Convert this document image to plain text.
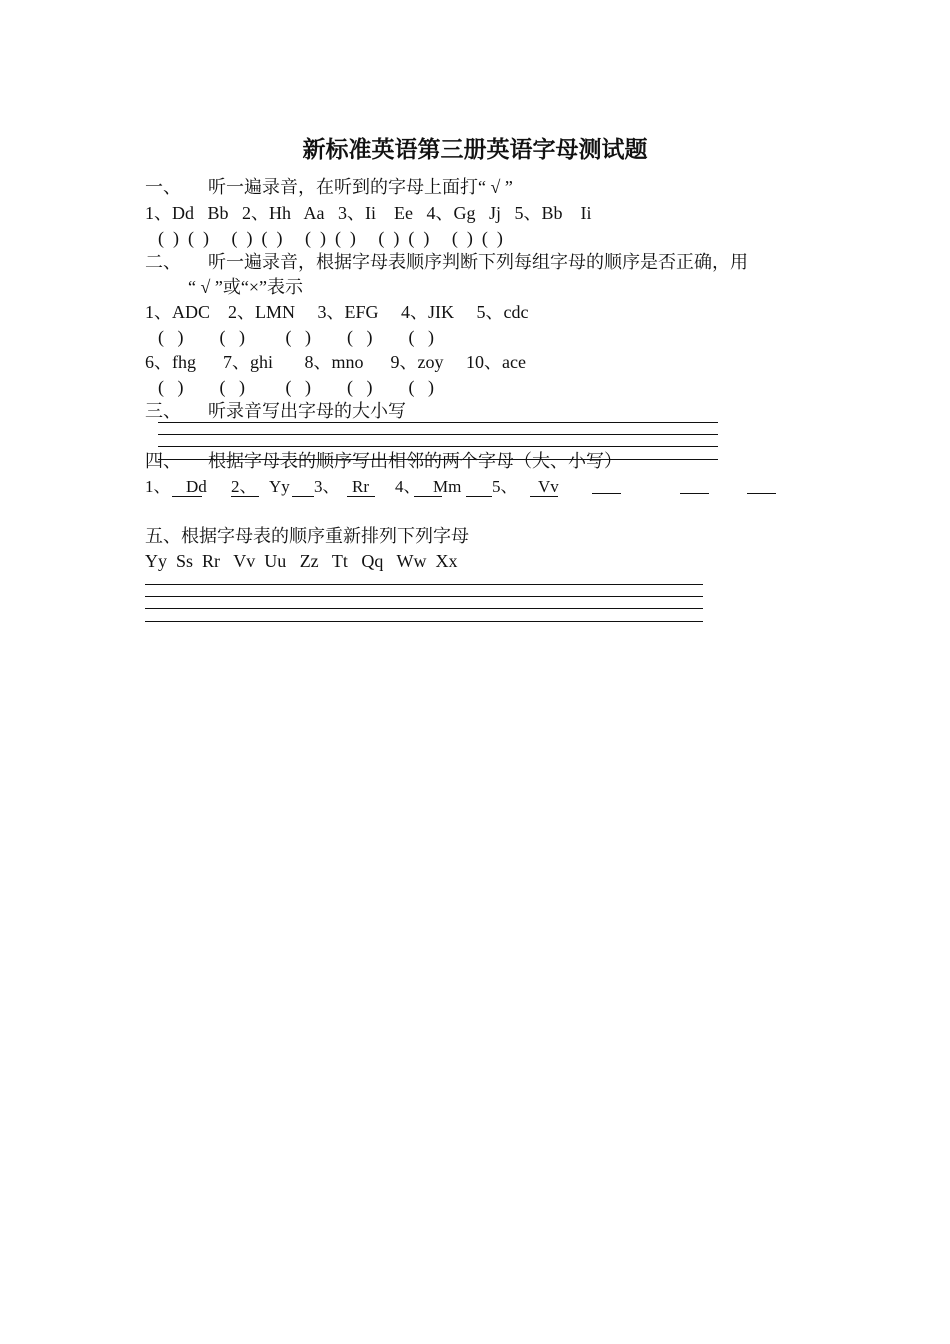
新标准英语第三册英语字母测试题
一、　　听一遍录音，在听到的字母上面打“ √ ”
1、Dd   Bb   2、Hh   Aa   3、Ii    Ee   4、Gg   Jj   5、Bb    Ii
(  )  (  )     (  )  (  )     (  )  (  )     (  )  (  )     (  )  (  )
二、　　听一遍录音，根据字母表顺序判断下列每组字母的顺序是否正确，用
“ √ ”或“×”表示
1、ADC    2、LMN     3、EFG     4、JIK     5、cdc
(   )        (   )         (   )        (   )        (   )
6、fhg      7、ghi       8、mno      9、zoy     10、ace
(   )        (   )         (   )        (   )        (   )
三、　　听录音写出字母的大小写
四、　　根据字母表的顺序写出相邻的两个字母（大、小写）
1、 Dd 2、 Yy 3、 Rr 4、 Mm 5、 Vv
五、根据字母表的顺序重新排列下列字母
Yy  Ss  Rr   Vv  Uu   Zz   Tt   Qq   Ww  Xx
